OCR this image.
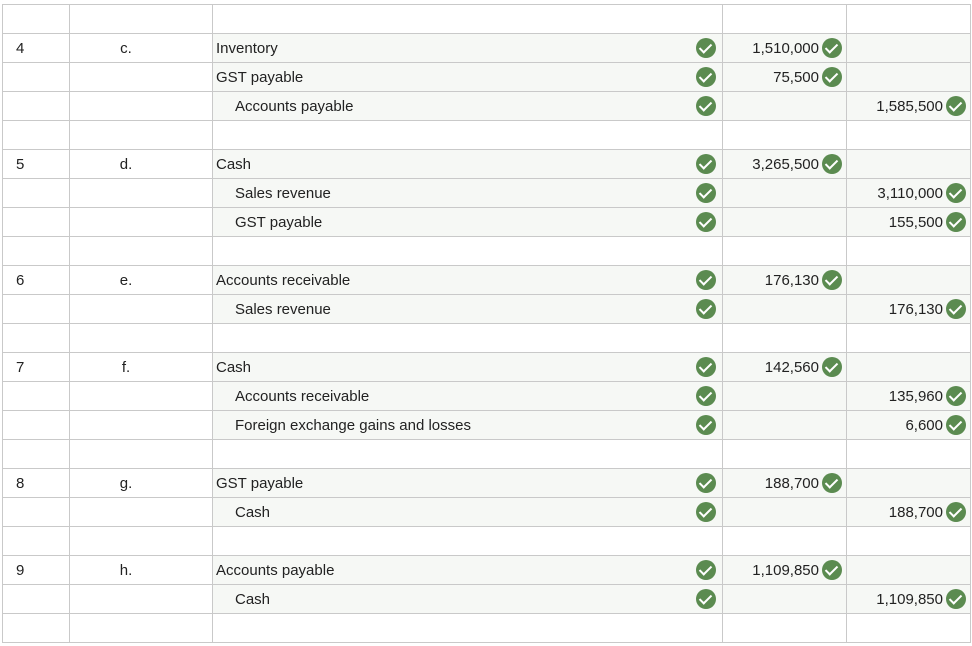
4	c.	Inventory	1,510,000	
		GST payable	75,500	
		Accounts payable		1,585,500

5	d.	Cash	3,265,500	
		Sales revenue		3,110,000
		GST payable		155,500

6	e.	Accounts receivable	176,130	
		Sales revenue		176,130

7	f.	Cash	142,560	
		Accounts receivable		135,960
		Foreign exchange gains and losses		6,600

8	g.	GST payable	188,700	
		Cash		188,700

9	h.	Accounts payable	1,109,850	
		Cash		1,109,850
